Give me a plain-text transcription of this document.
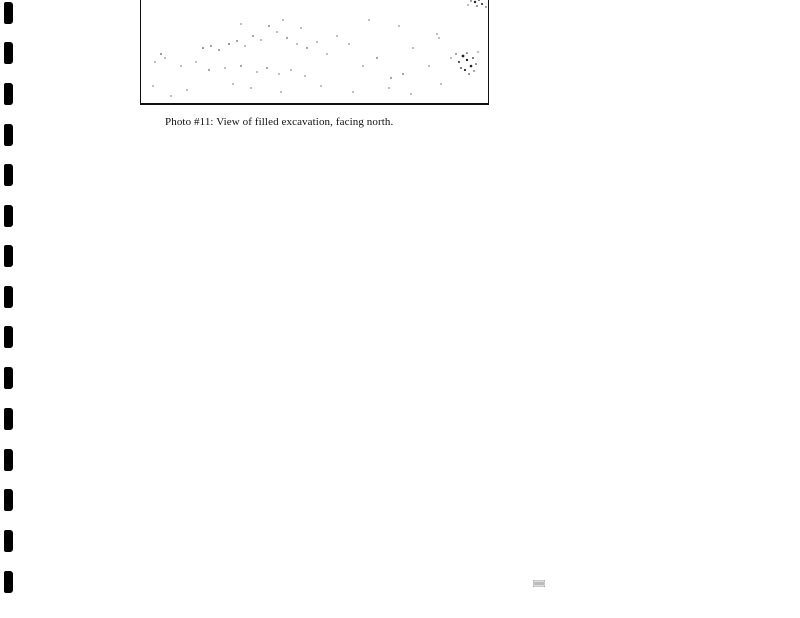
Photo #11: View of filled excavation, facing north.
